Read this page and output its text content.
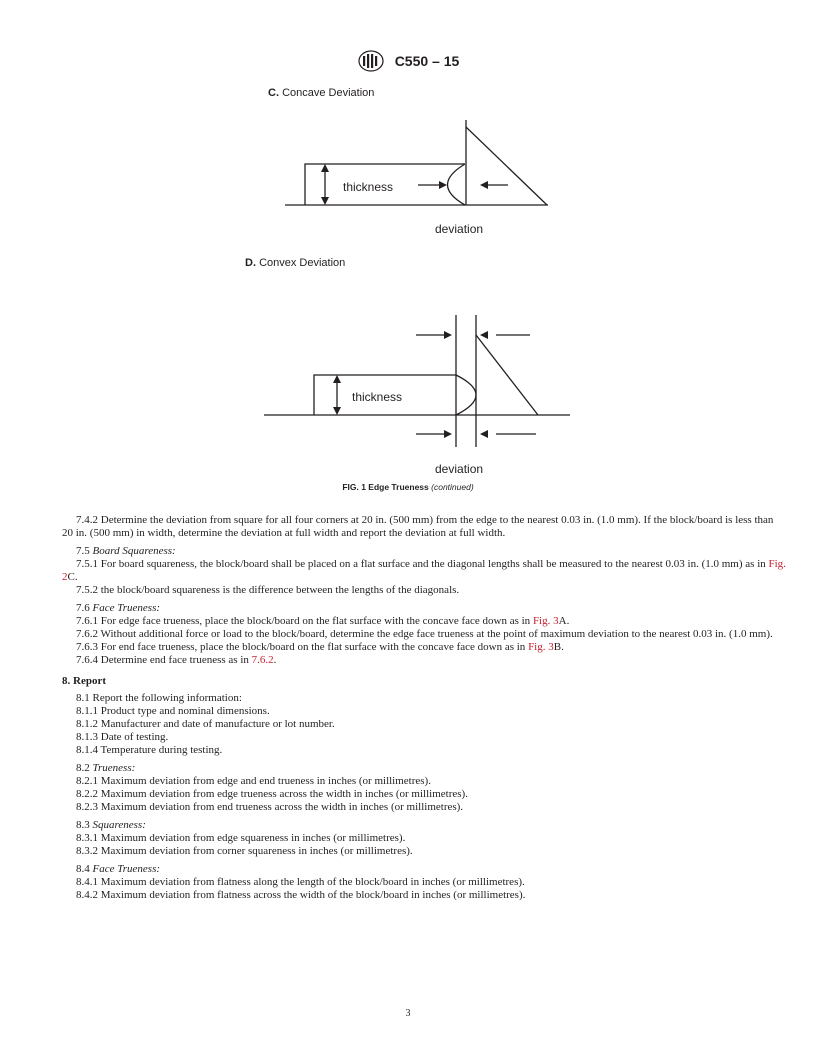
C550 – 15
C. Concave Deviation
thickness
deviation
D. Convex Deviation
thickness
deviation
FIG. 1 Edge Trueness (continued)

7.4.2 Determine the deviation from square for all four corners at 20 in. (500 mm) from the edge to the nearest 0.03 in. (1.0 mm). If the block/board is less than 20 in. (500 mm) in width, determine the deviation at full width and report the deviation at full width.

7.5 Board Squareness:

7.5.1 For board squareness, the block/board shall be placed on a flat surface and the diagonal lengths shall be measured to the nearest 0.03 in. (1.0 mm) as in Fig. 2C.

7.5.2 the block/board squareness is the difference between the lengths of the diagonals.

7.6 Face Trueness:

7.6.1 For edge face trueness, place the block/board on the flat surface with the concave face down as in Fig. 3A.

7.6.2 Without additional force or load to the block/board, determine the edge face trueness at the point of maximum deviation to the nearest 0.03 in. (1.0 mm).

7.6.3 For end face trueness, place the block/board on the flat surface with the concave face down as in Fig. 3B.

7.6.4 Determine end face trueness as in 7.6.2.

8. Report

8.1 Report the following information:

8.1.1 Product type and nominal dimensions.

8.1.2 Manufacturer and date of manufacture or lot number.

8.1.3 Date of testing.

8.1.4 Temperature during testing.

8.2 Trueness:

8.2.1 Maximum deviation from edge and end trueness in inches (or millimetres).

8.2.2 Maximum deviation from edge trueness across the width in inches (or millimetres).

8.2.3 Maximum deviation from end trueness across the width in inches (or millimetres).

8.3 Squareness:

8.3.1 Maximum deviation from edge squareness in inches (or millimetres).

8.3.2 Maximum deviation from corner squareness in inches (or millimetres).

8.4 Face Trueness:

8.4.1 Maximum deviation from flatness along the length of the block/board in inches (or millimetres).

8.4.2 Maximum deviation from flatness across the width of the block/board in inches (or millimetres).

3
